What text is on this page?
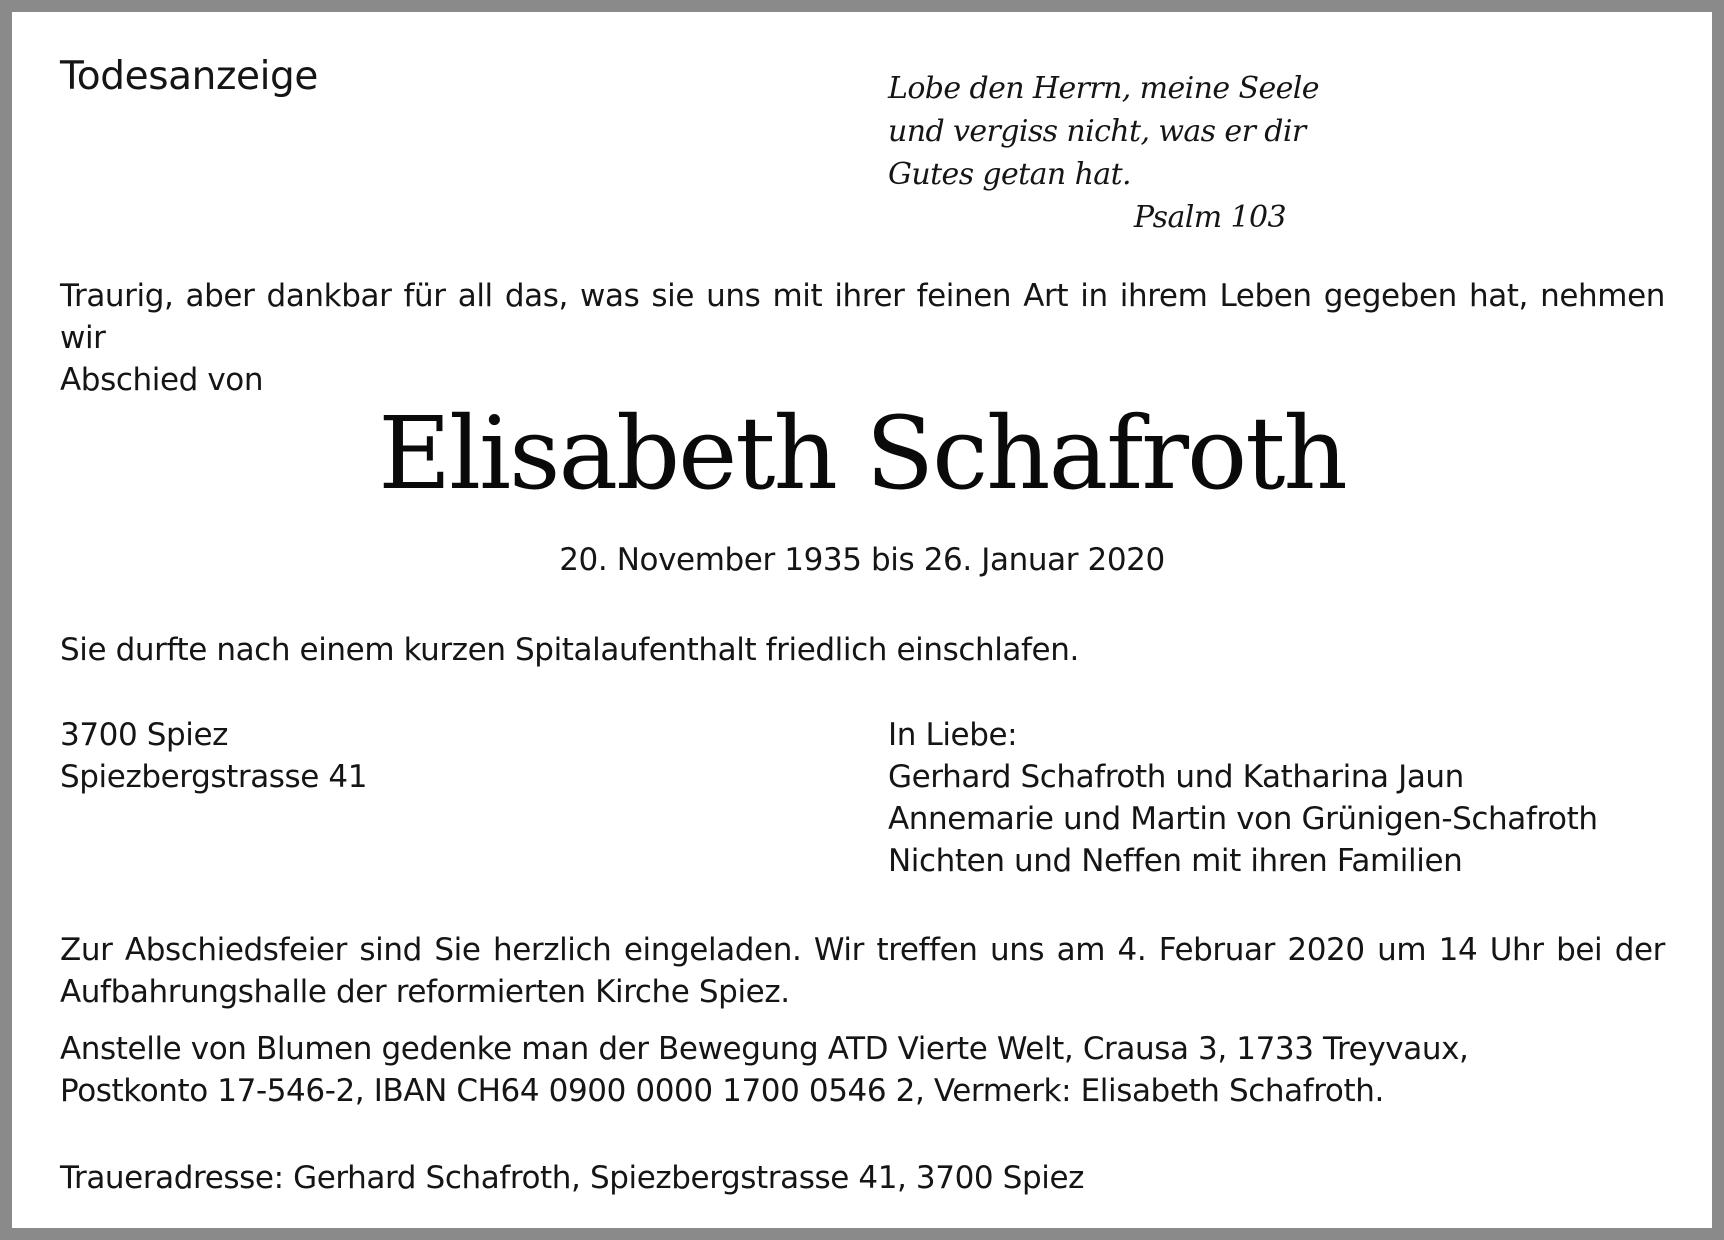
Todesanzeige	Lobe den Herrn, meine Seele
und vergiss nicht, was er dir
Gutes getan hat.
Psalm 103
Traurig, aber dankbar für all das, was sie uns mit ihrer feinen Art in ihrem Leben gegeben hat, nehmen wir
Abschied von
Elisabeth Schafroth
20. November 1935 bis 26. Januar 2020
Sie durfte nach einem kurzen Spitalaufenthalt friedlich einschlafen.
3700 Spiez
Spiezbergstrasse 41
In Liebe:
Gerhard Schafroth und Katharina Jaun
Annemarie und Martin von Grünigen-Schafroth
Nichten und Neffen mit ihren Familien
Zur Abschiedsfeier sind Sie herzlich eingeladen. Wir treffen uns am 4. Februar 2020 um 14 Uhr bei der
Aufbahrungshalle der reformierten Kirche Spiez.
Anstelle von Blumen gedenke man der Bewegung ATD Vierte Welt, Crausa 3, 1733 Treyvaux,
Postkonto 17-546-2, IBAN CH64 0900 0000 1700 0546 2, Vermerk: Elisabeth Schafroth.
Traueradresse: Gerhard Schafroth, Spiezbergstrasse 41, 3700 Spiez
